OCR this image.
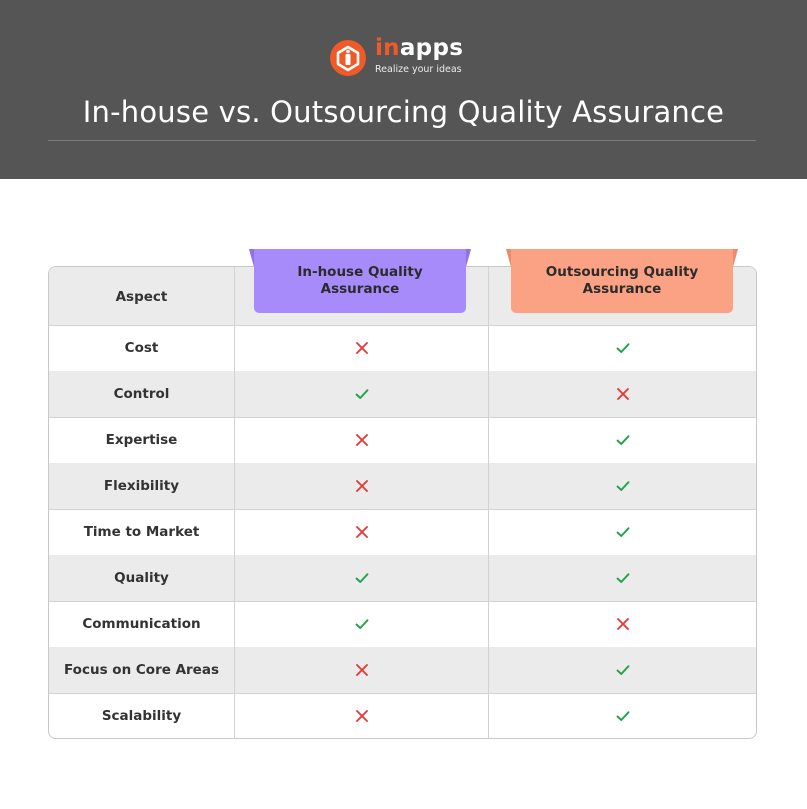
inapps
Realize your ideas
In-house vs. Outsourcing Quality Assurance
Aspect
Cost
Control
Expertise
Flexibility
Time to Market
Quality
Communication
Focus on Core Areas
Scalability
In-house Quality Assurance
Outsourcing Quality Assurance
